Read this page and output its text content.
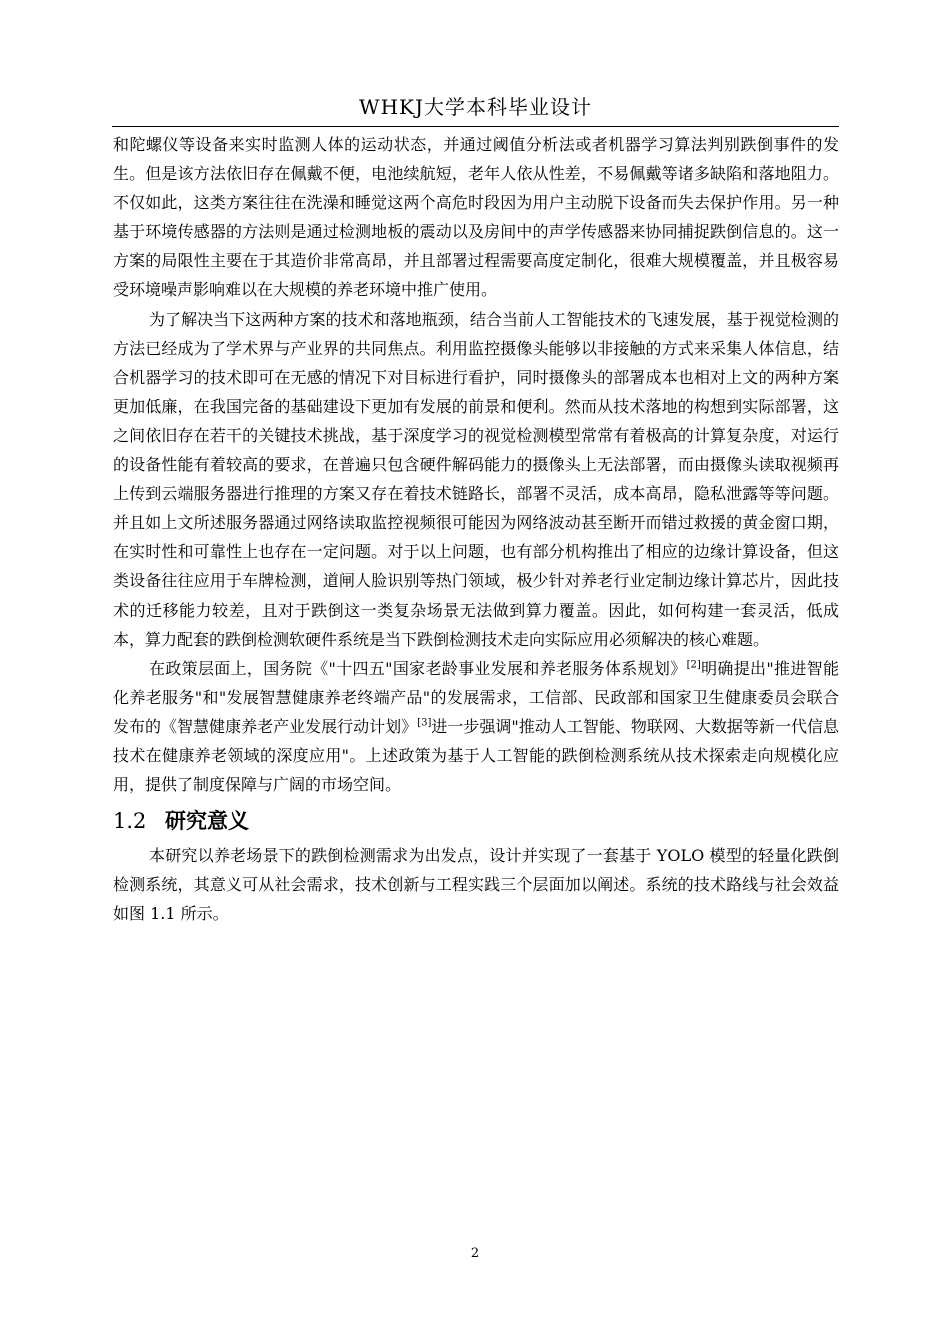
WHKJ大学本科毕业设计

和陀螺仪等设备来实时监测人体的运动状态，并通过阈值分析法或者机器学习算法判别跌倒事件的发生。但是该方法依旧存在佩戴不便，电池续航短，老年人依从性差，不易佩戴等诸多缺陷和落地阻力。不仅如此，这类方案往往在洗澡和睡觉这两个高危时段因为用户主动脱下设备而失去保护作用。另一种基于环境传感器的方法则是通过检测地板的震动以及房间中的声学传感器来协同捕捉跌倒信息的。这一方案的局限性主要在于其造价非常高昂，并且部署过程需要高度定制化，很难大规模覆盖，并且极容易受环境噪声影响难以在大规模的养老环境中推广使用。

为了解决当下这两种方案的技术和落地瓶颈，结合当前人工智能技术的飞速发展，基于视觉检测的方法已经成为了学术界与产业界的共同焦点。利用监控摄像头能够以非接触的方式来采集人体信息，结合机器学习的技术即可在无感的情况下对目标进行看护，同时摄像头的部署成本也相对上文的两种方案更加低廉，在我国完备的基础建设下更加有发展的前景和便利。然而从技术落地的构想到实际部署，这之间依旧存在若干的关键技术挑战，基于深度学习的视觉检测模型常常有着极高的计算复杂度，对运行的设备性能有着较高的要求，在普遍只包含硬件解码能力的摄像头上无法部署，而由摄像头读取视频再上传到云端服务器进行推理的方案又存在着技术链路长，部署不灵活，成本高昂，隐私泄露等等问题。并且如上文所述服务器通过网络读取监控视频很可能因为网络波动甚至断开而错过救援的黄金窗口期，在实时性和可靠性上也存在一定问题。对于以上问题，也有部分机构推出了相应的边缘计算设备，但这类设备往往应用于车牌检测，道闸人脸识别等热门领域，极少针对养老行业定制边缘计算芯片，因此技术的迁移能力较差，且对于跌倒这一类复杂场景无法做到算力覆盖。因此，如何构建一套灵活，低成本，算力配套的跌倒检测软硬件系统是当下跌倒检测技术走向实际应用必须解决的核心难题。

在政策层面上，国务院《"十四五"国家老龄事业发展和养老服务体系规划》[2]明确提出"推进智能化养老服务"和"发展智慧健康养老终端产品"的发展需求，工信部、民政部和国家卫生健康委员会联合发布的《智慧健康养老产业发展行动计划》[3]进一步强调"推动人工智能、物联网、大数据等新一代信息技术在健康养老领域的深度应用"。上述政策为基于人工智能的跌倒检测系统从技术探索走向规模化应用，提供了制度保障与广阔的市场空间。

1.2 研究意义

本研究以养老场景下的跌倒检测需求为出发点，设计并实现了一套基于 YOLO 模型的轻量化跌倒检测系统，其意义可从社会需求，技术创新与工程实践三个层面加以阐述。系统的技术路线与社会效益如图 1.1 所示。

2
